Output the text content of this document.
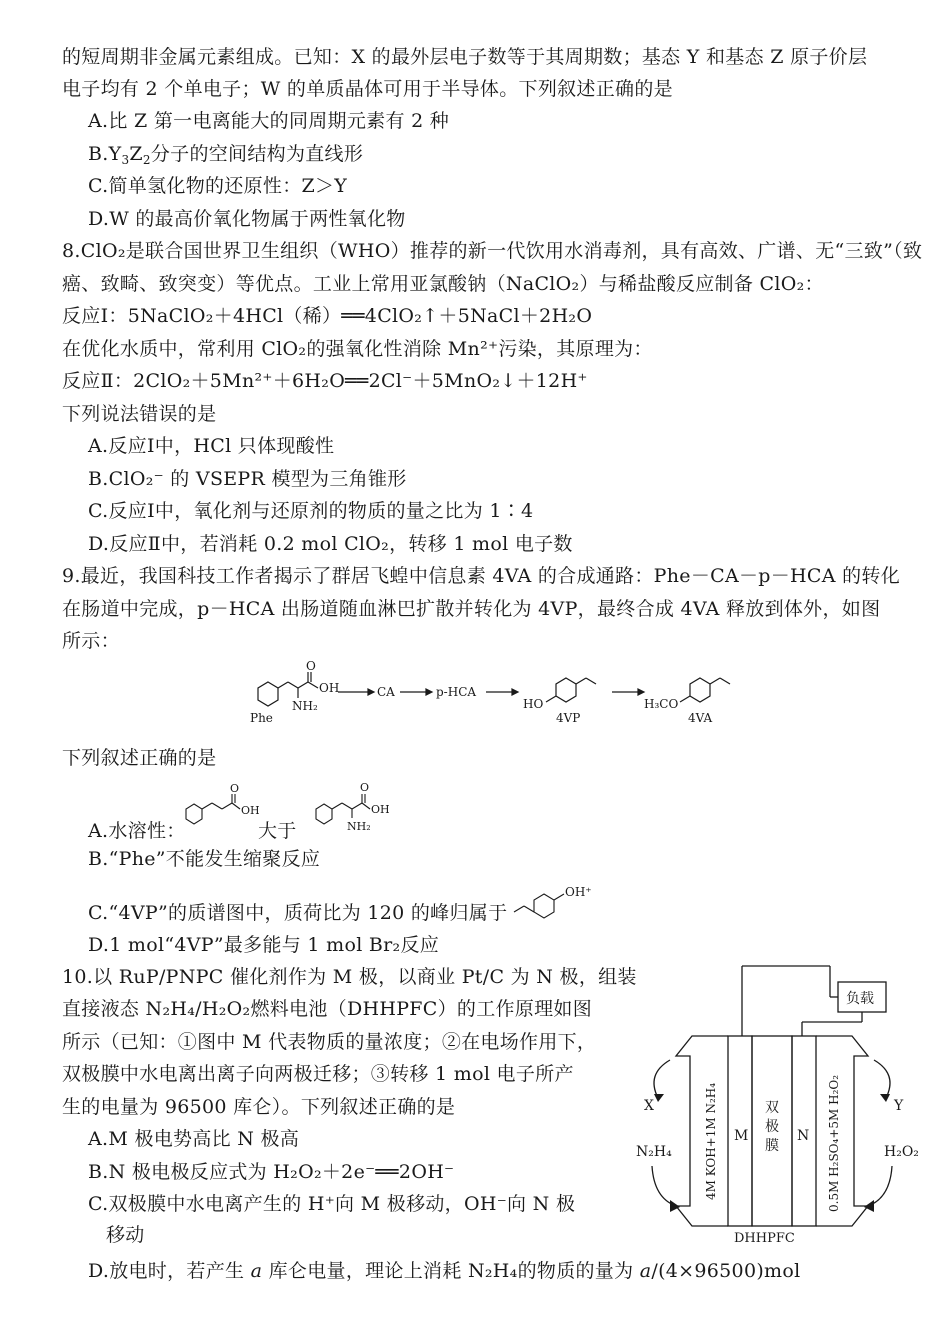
的短周期非金属元素组成。已知：X 的最外层电子数等于其周期数；基态 Y 和基态 Z 原子价层
电子均有 2 个单电子；W 的单质晶体可用于半导体。下列叙述正确的是
A.比 Z 第一电离能大的同周期元素有 2 种
$B.Y_3Z_2$分子的空间结构为直线形
C.简单氢化物的还原性：Z＞Y
D.W 的最高价氧化物属于两性氧化物
8.ClO₂是联合国世界卫生组织（WHO）推荐的新一代饮用水消毒剂，具有高效、广谱、无“三致”（致
癌、致畸、致突变）等优点。工业上常用亚氯酸钠（NaClO₂）与稀盐酸反应制备 ClO₂：
反应Ⅰ：5NaClO₂＋4HCl（稀）══4ClO₂↑＋5NaCl＋2H₂O
在优化水质中，常利用 ClO₂的强氧化性消除 Mn²⁺污染，其原理为：
反应Ⅱ：2ClO₂＋5Mn²⁺＋6H₂O══2Cl⁻＋5MnO₂↓＋12H⁺
下列说法错误的是
A.反应Ⅰ中，HCl 只体现酸性
B.ClO₂⁻ 的 VSEPR 模型为三角锥形
C.反应Ⅰ中，氧化剂与还原剂的物质的量之比为 1∶4
D.反应Ⅱ中，若消耗 0.2 mol ClO₂，转移 1 mol 电子数
9.最近，我国科技工作者揭示了群居飞蝗中信息素 4VA 的合成通路：Phe－CA－p－HCA 的转化
在肠道中完成，p－HCA 出肠道随血淋巴扩散并转化为 4VP，最终合成 4VA 释放到体外，如图
所示：
O
OH
NH₂
Phe
CA	p-HCA
HO
4VP
H₃CO
4VA
下列叙述正确的是
A.水溶性：
O
OH
大于
O
OH
NH₂
B.“Phe”不能发生缩聚反应
C.“4VP”的质谱图中，质荷比为 120 的峰归属于
OH⁺
D.1 mol“4VP”最多能与 1 mol Br₂反应
10.以 RuP/PNPC 催化剂作为 M 极，以商业 Pt/C 为 N 极，组装
直接液态 N₂H₄/H₂O₂燃料电池（DHHPFC）的工作原理如图
所示（已知：①图中 M 代表物质的量浓度；②在电场作用下，
双极膜中水电离出离子向两极迁移；③转移 1 mol 电子所产
生的电量为 96500 库仑）。下列叙述正确的是
A.M 极电势高比 N 极高
B.N 极电极反应式为 H₂O₂＋2e⁻══2OH⁻
C.双极膜中水电离产生的 H⁺向 M 极移动，OH⁻向 N 极
移动
D.放电时，若产生 a 库仑电量，理论上消耗 N₂H₄的物质的量为 a/(4×96500)mol
负载
X	Y
N₂H₄	H₂O₂
M	N
双
极
膜
DHHPFC
4M KOH+1M N₂H₄	0.5M H₂SO₄+5M H₂O₂
